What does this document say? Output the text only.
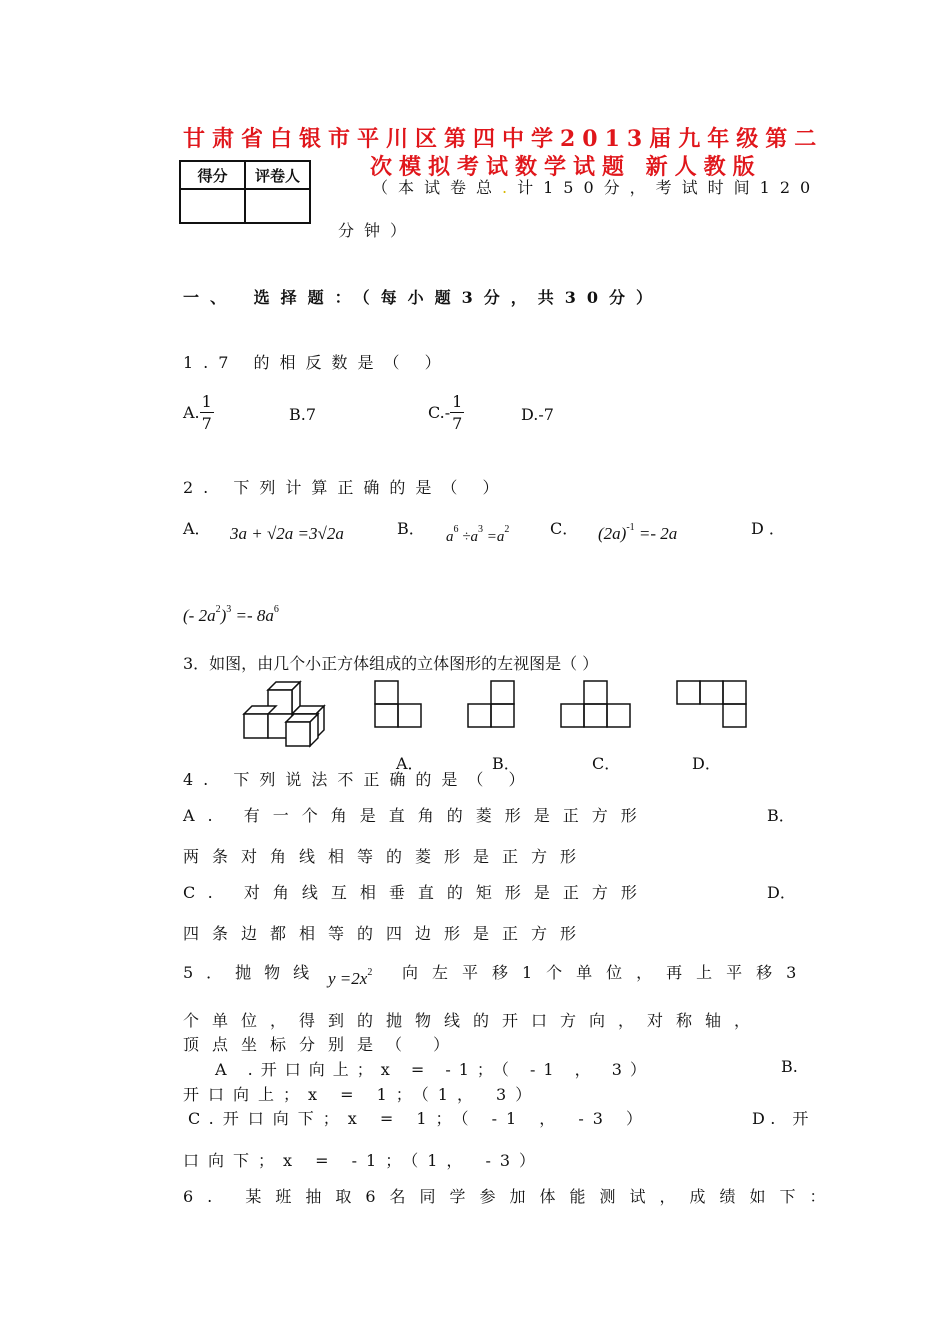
甘肃省白银市平川区第四中学2013届九年级第二
次模拟考试数学试题 新人教版
得分	评卷人

（本试卷总.计150分，考试时间120
分钟）
一、 选择题：（每小题3分，共30分）
1.7 的相反数是（ ）
A. $\frac{1}{7}$	B.7	$C.- \frac{1}{7}$	D.-7
2. 下列计算正确的是（ ）
A． 3a + √2a =3√2a	B． $a^6 \div a^3 =a^2$	C． $(2a)^{-1} =- 2a$	D ．
(- $2a^2)^3 =- 8a^6$
3．如图，由几个小正方体组成的立体图形的左视图是（ ）
A．	B．	C．	D．
4. 下列说法不正确的是（ ）
A. 有一个角是直角的菱形是正方形	B．
两条对角线相等的菱形是正方形
C. 对角线互相垂直的矩形是正方形	D．
四条边都相等的四边形是正方形
5．抛物线 $y =2x^2$ 向左平移1个单位，再上平移3
个单位，得到的抛物线的开口方向，对称轴，
顶点坐标分别是（ ）
A .开口向上；x = -1；（ -1 ， 3）	B.
开口向上；x = 1；（1， 3）
C.开口向下；x = 1；（ -1 ， -3 ）	D. 开
口向下；x = -1；（1， -3）
6. 某班抽取6名同学参加体能测试，成绩如下：
